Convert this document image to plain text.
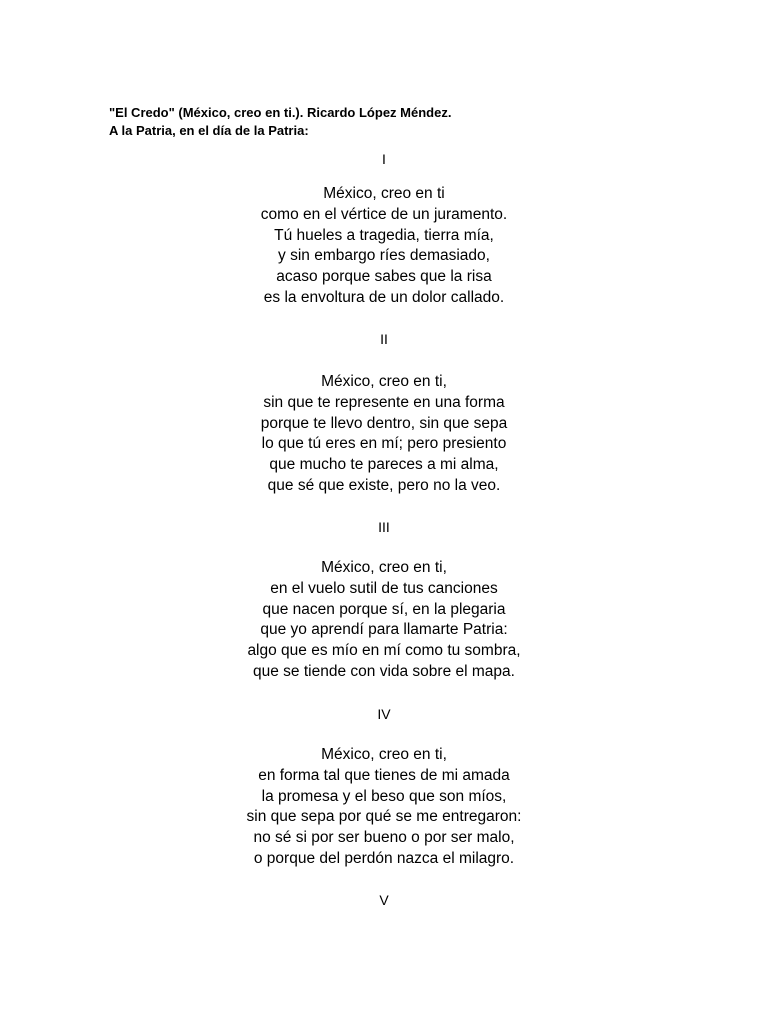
"El Credo" (México, creo en ti.). Ricardo López Méndez.
A la Patria, en el día de la Patria:
I
México, creo en ti
como en el vértice de un juramento.
Tú hueles a tragedia, tierra mía,
y sin embargo ríes demasiado,
acaso porque sabes que la risa
es la envoltura de un dolor callado.
II
México, creo en ti,
sin que te represente en una forma
porque te llevo dentro, sin que sepa
lo que tú eres en mí; pero presiento
que mucho te pareces a mi alma,
que sé que existe, pero no la veo.
III
México, creo en ti,
en el vuelo sutil de tus canciones
que nacen porque sí, en la plegaria
que yo aprendí para llamarte Patria:
algo que es mío en mí como tu sombra,
que se tiende con vida sobre el mapa.
IV
México, creo en ti,
en forma tal que tienes de mi amada
la promesa y el beso que son míos,
sin que sepa por qué se me entregaron:
no sé si por ser bueno o por ser malo,
o porque del perdón nazca el milagro.
V
